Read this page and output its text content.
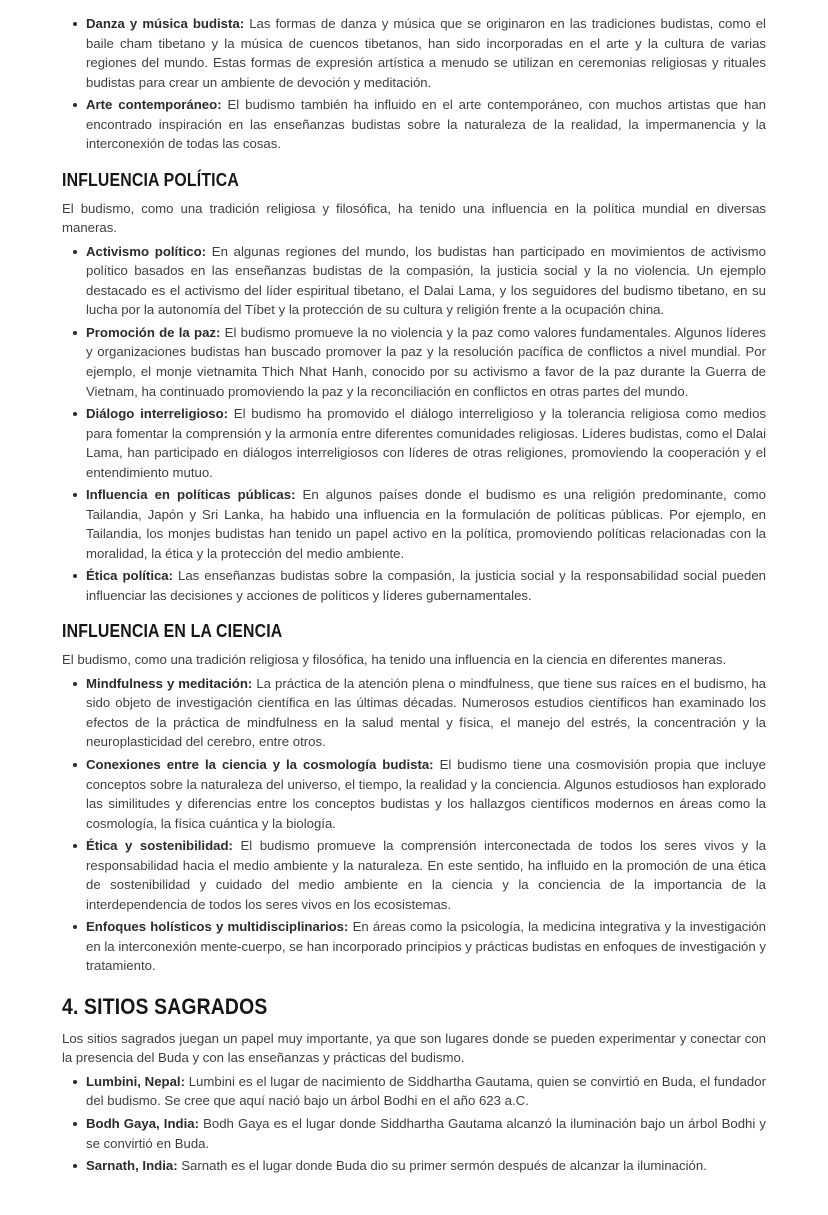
Danza y música budista: Las formas de danza y música que se originaron en las tradiciones budistas, como el baile cham tibetano y la música de cuencos tibetanos, han sido incorporadas en el arte y la cultura de varias regiones del mundo. Estas formas de expresión artística a menudo se utilizan en ceremonias religiosas y rituales budistas para crear un ambiente de devoción y meditación.
Arte contemporáneo: El budismo también ha influido en el arte contemporáneo, con muchos artistas que han encontrado inspiración en las enseñanzas budistas sobre la naturaleza de la realidad, la impermanencia y la interconexión de todas las cosas.
INFLUENCIA POLÍTICA

El budismo, como una tradición religiosa y filosófica, ha tenido una influencia en la política mundial en diversas maneras.

Activismo político: En algunas regiones del mundo, los budistas han participado en movimientos de activismo político basados en las enseñanzas budistas de la compasión, la justicia social y la no violencia. Un ejemplo destacado es el activismo del líder espiritual tibetano, el Dalai Lama, y los seguidores del budismo tibetano, en su lucha por la autonomía del Tíbet y la protección de su cultura y religión frente a la ocupación china.
Promoción de la paz: El budismo promueve la no violencia y la paz como valores fundamentales. Algunos líderes y organizaciones budistas han buscado promover la paz y la resolución pacífica de conflictos a nivel mundial. Por ejemplo, el monje vietnamita Thich Nhat Hanh, conocido por su activismo a favor de la paz durante la Guerra de Vietnam, ha continuado promoviendo la paz y la reconciliación en conflictos en otras partes del mundo.
Diálogo interreligioso: El budismo ha promovido el diálogo interreligioso y la tolerancia religiosa como medios para fomentar la comprensión y la armonía entre diferentes comunidades religiosas. Líderes budistas, como el Dalai Lama, han participado en diálogos interreligiosos con líderes de otras religiones, promoviendo la cooperación y el entendimiento mutuo.
Influencia en políticas públicas: En algunos países donde el budismo es una religión predominante, como Tailandia, Japón y Sri Lanka, ha habido una influencia en la formulación de políticas públicas. Por ejemplo, en Tailandia, los monjes budistas han tenido un papel activo en la política, promoviendo políticas relacionadas con la moralidad, la ética y la protección del medio ambiente.
Ética política: Las enseñanzas budistas sobre la compasión, la justicia social y la responsabilidad social pueden influenciar las decisiones y acciones de políticos y líderes gubernamentales.
INFLUENCIA EN LA CIENCIA

El budismo, como una tradición religiosa y filosófica, ha tenido una influencia en la ciencia en diferentes maneras.

Mindfulness y meditación: La práctica de la atención plena o mindfulness, que tiene sus raíces en el budismo, ha sido objeto de investigación científica en las últimas décadas. Numerosos estudios científicos han examinado los efectos de la práctica de mindfulness en la salud mental y física, el manejo del estrés, la concentración y la neuroplasticidad del cerebro, entre otros.
Conexiones entre la ciencia y la cosmología budista: El budismo tiene una cosmovisión propia que incluye conceptos sobre la naturaleza del universo, el tiempo, la realidad y la conciencia. Algunos estudiosos han explorado las similitudes y diferencias entre los conceptos budistas y los hallazgos científicos modernos en áreas como la cosmología, la física cuántica y la biología.
Ética y sostenibilidad: El budismo promueve la comprensión interconectada de todos los seres vivos y la responsabilidad hacia el medio ambiente y la naturaleza. En este sentido, ha influido en la promoción de una ética de sostenibilidad y cuidado del medio ambiente en la ciencia y la conciencia de la importancia de la interdependencia de todos los seres vivos en los ecosistemas.
Enfoques holísticos y multidisciplinarios: En áreas como la psicología, la medicina integrativa y la investigación en la interconexión mente-cuerpo, se han incorporado principios y prácticas budistas en enfoques de investigación y tratamiento.
4. SITIOS SAGRADOS

Los sitios sagrados juegan un papel muy importante, ya que son lugares donde se pueden experimentar y conectar con la presencia del Buda y con las enseñanzas y prácticas del budismo.

Lumbini, Nepal: Lumbini es el lugar de nacimiento de Siddhartha Gautama, quien se convirtió en Buda, el fundador del budismo. Se cree que aquí nació bajo un árbol Bodhi en el año 623 a.C.
Bodh Gaya, India: Bodh Gaya es el lugar donde Siddhartha Gautama alcanzó la iluminación bajo un árbol Bodhi y se convirtió en Buda.
Sarnath, India: Sarnath es el lugar donde Buda dio su primer sermón después de alcanzar la iluminación.
